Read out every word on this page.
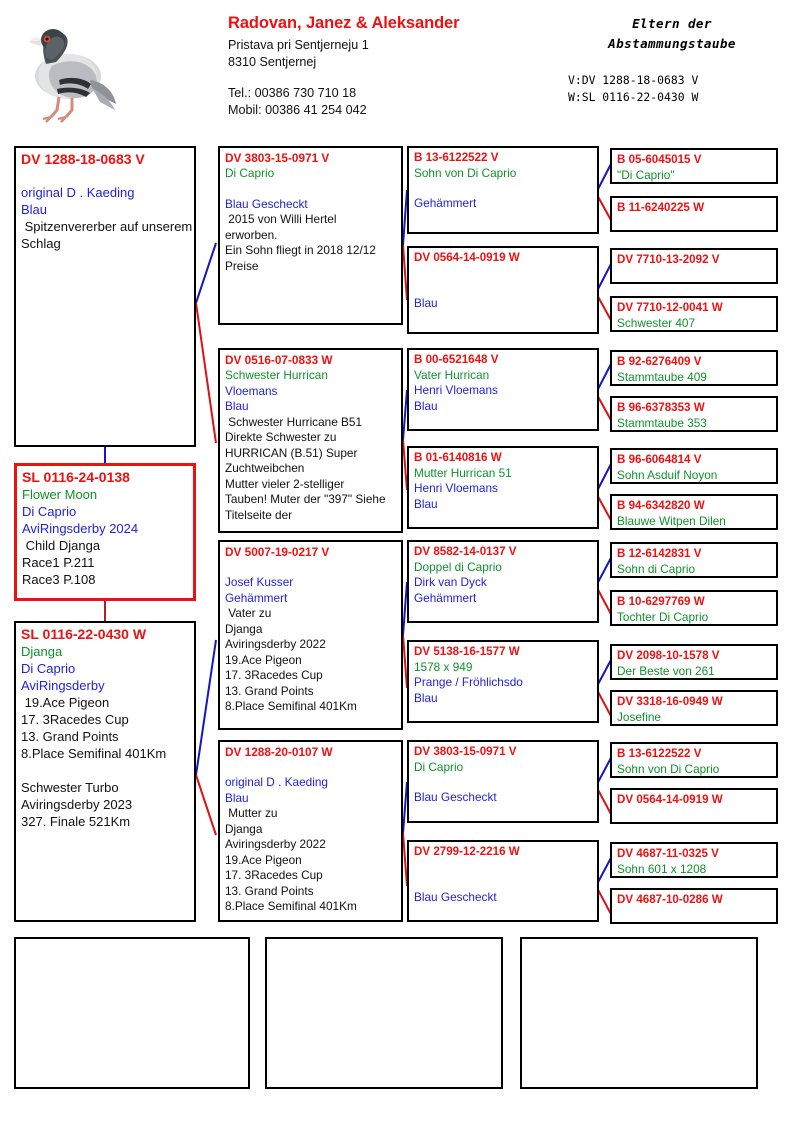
Radovan, Janez & Aleksander
Pristava pri Sentjerneju 1
8310 Sentjernej
Tel.: 00386 730 710 18
Mobil: 00386 41 254 042
Eltern der
Abstammungstaube
V:DV 1288-18-0683 V
W:SL 0116-22-0430 W
DV 1288-18-0683 V
original D . Kaeding
Blau
Spitzenvererber auf unserem
Schlag
SL 0116-24-0138
Flower Moon
Di Caprio
AviRingsderby 2024
Child Djanga
Race1 P.211
Race3 P.108
SL 0116-22-0430 W
Djanga
Di Caprio
AviRingsderby
19.Ace Pigeon
17. 3Racedes Cup
13. Grand Points
8.Place Semifinal 401Km

Schwester Turbo
Aviringsderby 2023
327. Finale 521Km
DV 3803-15-0971 V
Di Caprio
Blau Gescheckt
2015 von Willi Hertel
erworben.
Ein Sohn fliegt in 2018 12/12
Preise
DV 0516-07-0833 W
Schwester Hurrican
Vloemans
Blau
Schwester Hurricane B51
Direkte Schwester zu
HURRICAN (B.51) Super
Zuchtweibchen
Mutter vieler 2-stelliger
Tauben! Muter der "397" Siehe
Titelseite der
DV 5007-19-0217 V
Josef Kusser
Gehämmert
Vater zu
Djanga
Aviringsderby 2022
19.Ace Pigeon
17. 3Racedes Cup
13. Grand Points
8.Place Semifinal 401Km
DV 1288-20-0107 W
original D . Kaeding
Blau
Mutter zu
Djanga
Aviringsderby 2022
19.Ace Pigeon
17. 3Racedes Cup
13. Grand Points
8.Place Semifinal 401Km
B 13-6122522 V
Sohn von Di Caprio
Gehämmert
DV 0564-14-0919 W
Blau
B 00-6521648 V
Vater Hurrican
Henri Vloemans
Blau
B 01-6140816 W
Mutter Hurrican 51
Henri Vloemans
Blau
DV 8582-14-0137 V
Doppel di Caprio
Dirk van Dyck
Gehämmert
DV 5138-16-1577 W
1578 x 949
Prange / Fröhlichsdo
Blau
DV 3803-15-0971 V
Di Caprio
Blau Gescheckt
DV 2799-12-2216 W
Blau Gescheckt
B 05-6045015 V
"Di Caprio"
B 11-6240225 W
DV 7710-13-2092 V
DV 7710-12-0041 W
Schwester 407
B 92-6276409 V
Stammtaube 409
B 96-6378353 W
Stammtaube 353
B 96-6064814 V
Sohn Asduif Noyon
B 94-6342820 W
Blauwe Witpen Dilen
B 12-6142831 V
Sohn di Caprio
B 10-6297769 W
Tochter Di Caprio
DV 2098-10-1578 V
Der Beste von 261
DV 3318-16-0949 W
Josefine
B 13-6122522 V
Sohn von Di Caprio
DV 0564-14-0919 W
DV 4687-11-0325 V
Sohn 601 x 1208
DV 4687-10-0286 W
